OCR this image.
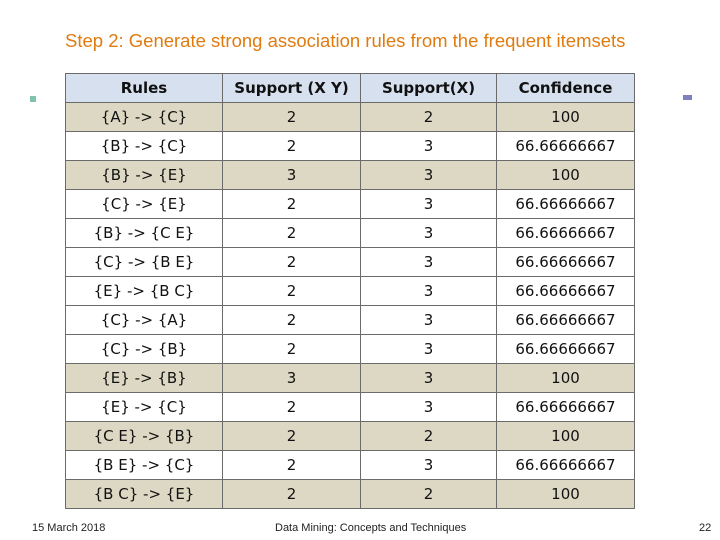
Step 2: Generate strong association rules from the frequent itemsets
Rules	Support (X Y)	Support(X)	Confidence
{A} -> {C}	2	2	100
{B} -> {C}	2	3	66.66666667
{B} -> {E}	3	3	100
{C} -> {E}	2	3	66.66666667
{B} -> {C E}	2	3	66.66666667
{C} -> {B E}	2	3	66.66666667
{E} -> {B C}	2	3	66.66666667
{C} -> {A}	2	3	66.66666667
{C} -> {B}	2	3	66.66666667
{E} -> {B}	3	3	100
{E} -> {C}	2	3	66.66666667
{C E} -> {B}	2	2	100
{B E} -> {C}	2	3	66.66666667
{B C} -> {E}	2	2	100
15 March 2018	Data Mining: Concepts and Techniques	22
